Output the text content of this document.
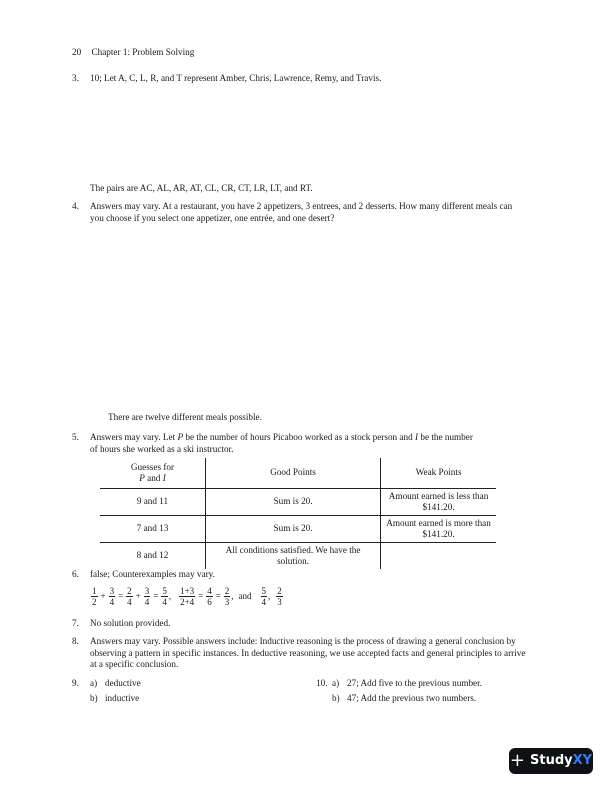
20 Chapter 1: Problem Solving
3. 10; Let A, C, L, R, and T represent Amber, Chris, Lawrence, Remy, and Travis.
The pairs are AC, AL, AR, AT, CL, CR, CT, LR, LT, and RT.
4. Answers may vary. At a restaurant, you have 2 appetizers, 3 entrees, and 2 desserts. How many different meals can you choose if you select one appetizer, one entrée, and one desert?
There are twelve different meals possible.
5. Answers may vary. Let P be the number of hours Picaboo worked as a stock person and I be the number
of hours she worked as a ski instructor.
Guesses for
P and I	Good Points	Weak Points
9 and 11	Sum is 20.	Amount earned is less than $141.20.
7 and 13	Sum is 20.	Amount earned is more than $141.20.
8 and 12	All conditions satisfied. We have the solution.	
6. false; Counterexamples may vary.
$\frac{1}{2} + \frac{3}{4} = \frac{2}{4} + \frac{3}{4} = \frac{5}{4}$ , $\frac{1+3}{2+4} = \frac{4}{6} = \frac{2}{3}$ , and $\frac{5}{4}$ , $\frac{2}{3}$
7. No solution provided.
8. Answers may vary. Possible answers include: Inductive reasoning is the process of drawing a general conclusion by observing a pattern in specific instances. In deductive reasoning, we use accepted facts and general principles to arrive at a specific conclusion.
9. a) deductive
b) inductive
10. a) 27; Add five to the previous number.
b) 47; Add the previous two numbers.
+ Study XY
